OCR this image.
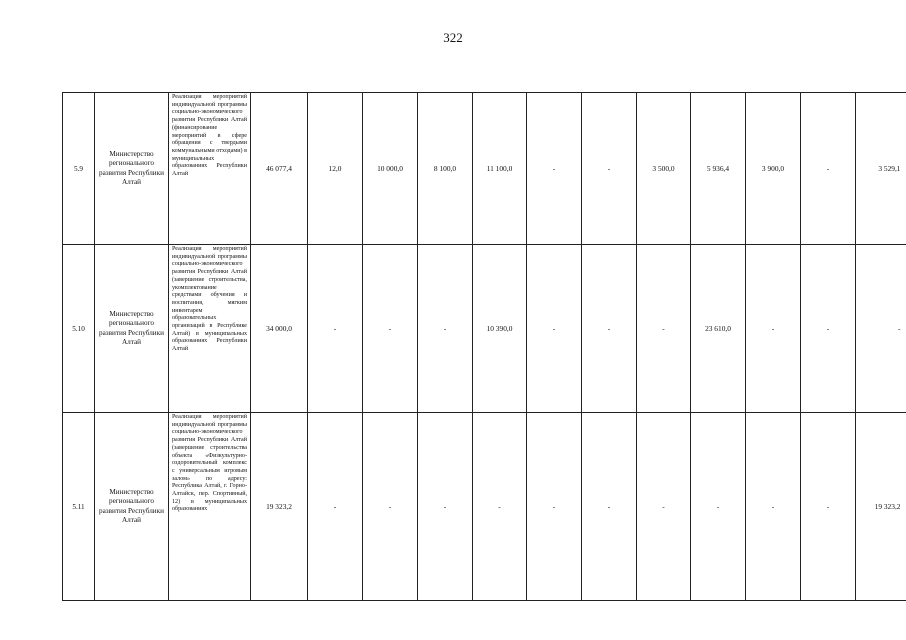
322
5.9	Министерство регионального развития Республики Алтай	Реализация мероприятий индивидуальной программы социально-экономического развития Республики Алтай (финансирование мероприятий в сфере обращения с твердыми коммунальными отходами) в муниципальных образованиях Республики Алтай	46 077,4	12,0	10 000,0	8 100,0	11 100,0	-	-	3 500,0	5 936,4	3 900,0	-	3 529,1
5.10	Министерство регионального развития Республики Алтай	Реализация мероприятий индивидуальной программы социально-экономического развития Республики Алтай (завершение строительства, укомплектование средствами обучения и воспитания, мягким инвентарем образовательных организаций в Республике Алтай) в муниципальных образованиях Республики Алтай	34 000,0	-	-	-	10 390,0	-	-	-	23 610,0	-	-	-
5.11	Министерство регионального развития Республики Алтай	Реализация мероприятий индивидуальной программы социально-экономического развития Республики Алтай (завершение строительства объекта «Физкультурно-оздоровительный комплекс с универсальным игровым залом» по адресу: Республика Алтай, г. Горно-Алтайск, пер. Спортивный, 12) в муниципальных образованиях	19 323,2	-	-	-	-	-	-	-	-	-	-	19 323,2
